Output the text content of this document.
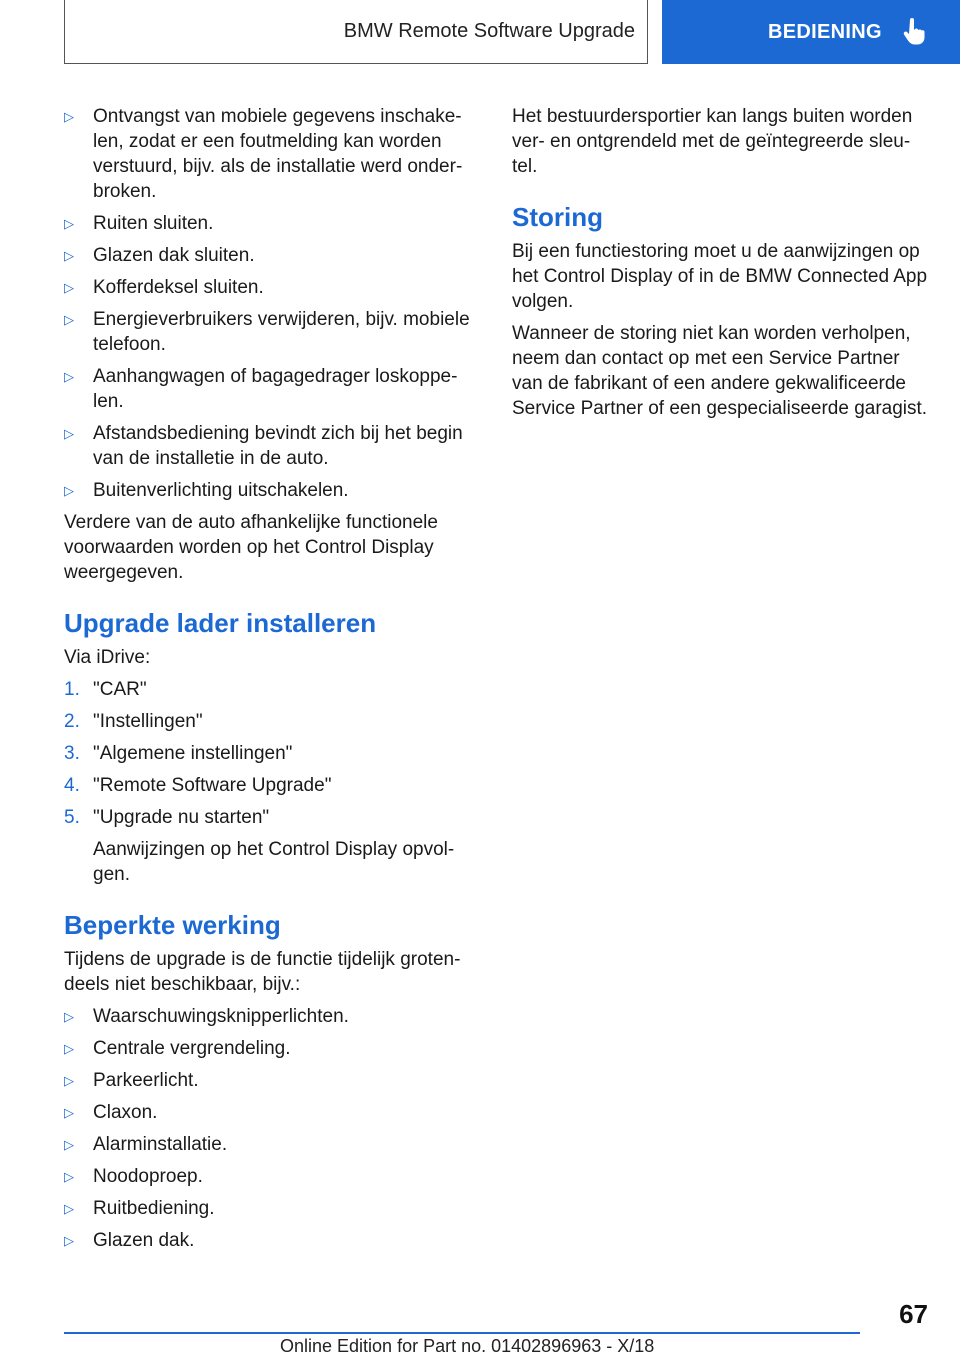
BMW Remote Software Upgrade	BEDIENING
▷	Ontvangst van mobiele gegevens inschake-len, zodat er een foutmelding kan worden verstuurd, bijv. als de installatie werd onder-broken.
▷	Ruiten sluiten.
▷	Glazen dak sluiten.
▷	Kofferdeksel sluiten.
▷	Energieverbruikers verwijderen, bijv. mobiele telefoon.
▷	Aanhangwagen of bagagedrager loskoppe-len.
▷	Afstandsbediening bevindt zich bij het begin van de installetie in de auto.
▷	Buitenverlichting uitschakelen.

Verdere van de auto afhankelijke functionele voorwaarden worden op het Control Display weergegeven.

Upgrade lader installeren

Via iDrive:

1. "CAR"
2. "Instellingen"
3. "Algemene instellingen"
4. "Remote Software Upgrade"
5. "Upgrade nu starten"

Aanwijzingen op het Control Display opvol-gen.

Beperkte werking

Tijdens de upgrade is de functie tijdelijk groten-deels niet beschikbaar, bijv.:

▷	Waarschuwingsknipperlichten.
▷	Centrale vergrendeling.
▷	Parkeerlicht.
▷	Claxon.
▷	Alarminstallatie.
▷	Noodoproep.
▷	Ruitbediening.
▷	Glazen dak.

Het bestuurdersportier kan langs buiten worden ver- en ontgrendeld met de geïntegreerde sleu-tel.

Storing

Bij een functiestoring moet u de aanwijzingen op het Control Display of in de BMW Connected App volgen.

Wanneer de storing niet kan worden verholpen, neem dan contact op met een Service Partner van de fabrikant of een andere gekwalificeerde Service Partner of een gespecialiseerde garagist.

67
Online Edition for Part no. 01402896963 - X/18
